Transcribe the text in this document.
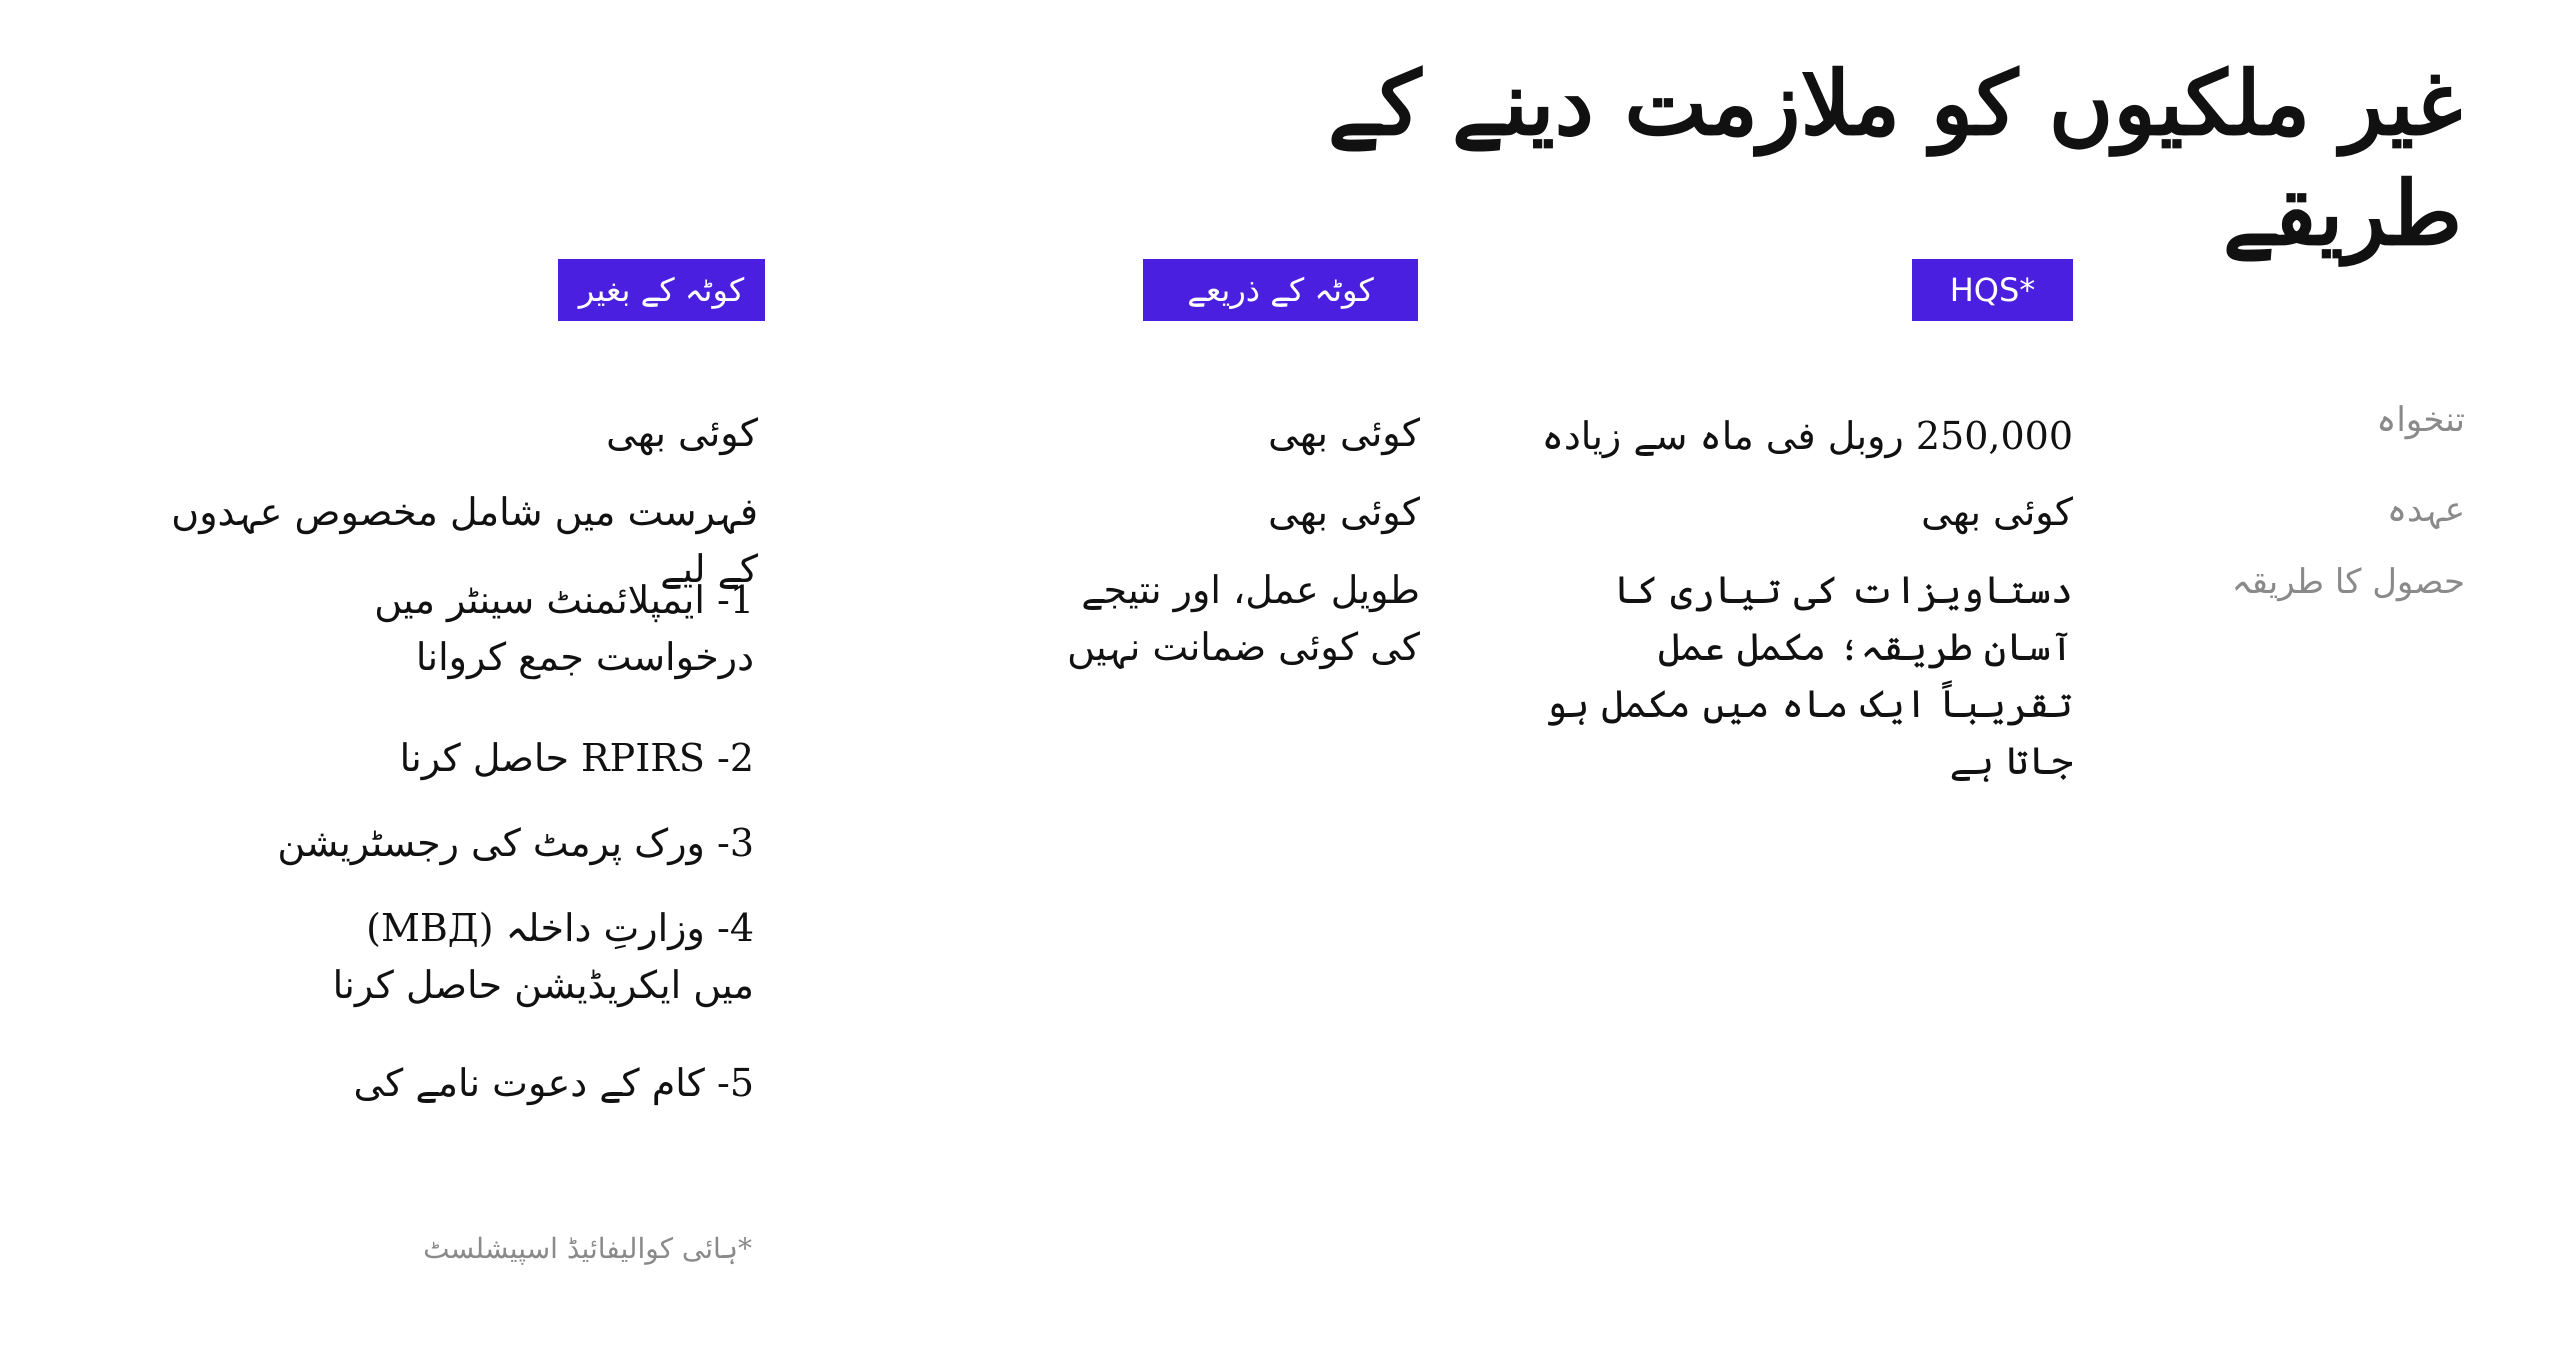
غیر ملکیوں کو ملازمت دینے کے طریقے
HQS*
کوٹہ کے ذریعے
کوٹہ کے بغیر
تنخواہ
250,000 روبل فی ماہ سے زیادہ
کوئی بھی
کوئی بھی
عہدہ
کوئی بھی
کوئی بھی
فہرست میں شامل مخصوص عہدوں کے لیے	حصول کا طریقہ
دستاویزات کی تیاری کا آسان طریقہ؛ مکمل عمل تقریباً ایک ماہ میں مکمل ہو جاتا ہے
طویل عمل، اور نتیجے کی کوئی ضمانت نہیں
1- ایمپلائمنٹ سینٹر میں درخواست جمع کروانا
2- RPIRS حاصل کرنا
3- ورک پرمٹ کی رجسٹریشن
4- وزارتِ داخلہ (МВД) میں ایکریڈیشن حاصل کرنا
5- کام کے دعوت نامے کی
*ہائی کوالیفائیڈ اسپیشلسٹ
